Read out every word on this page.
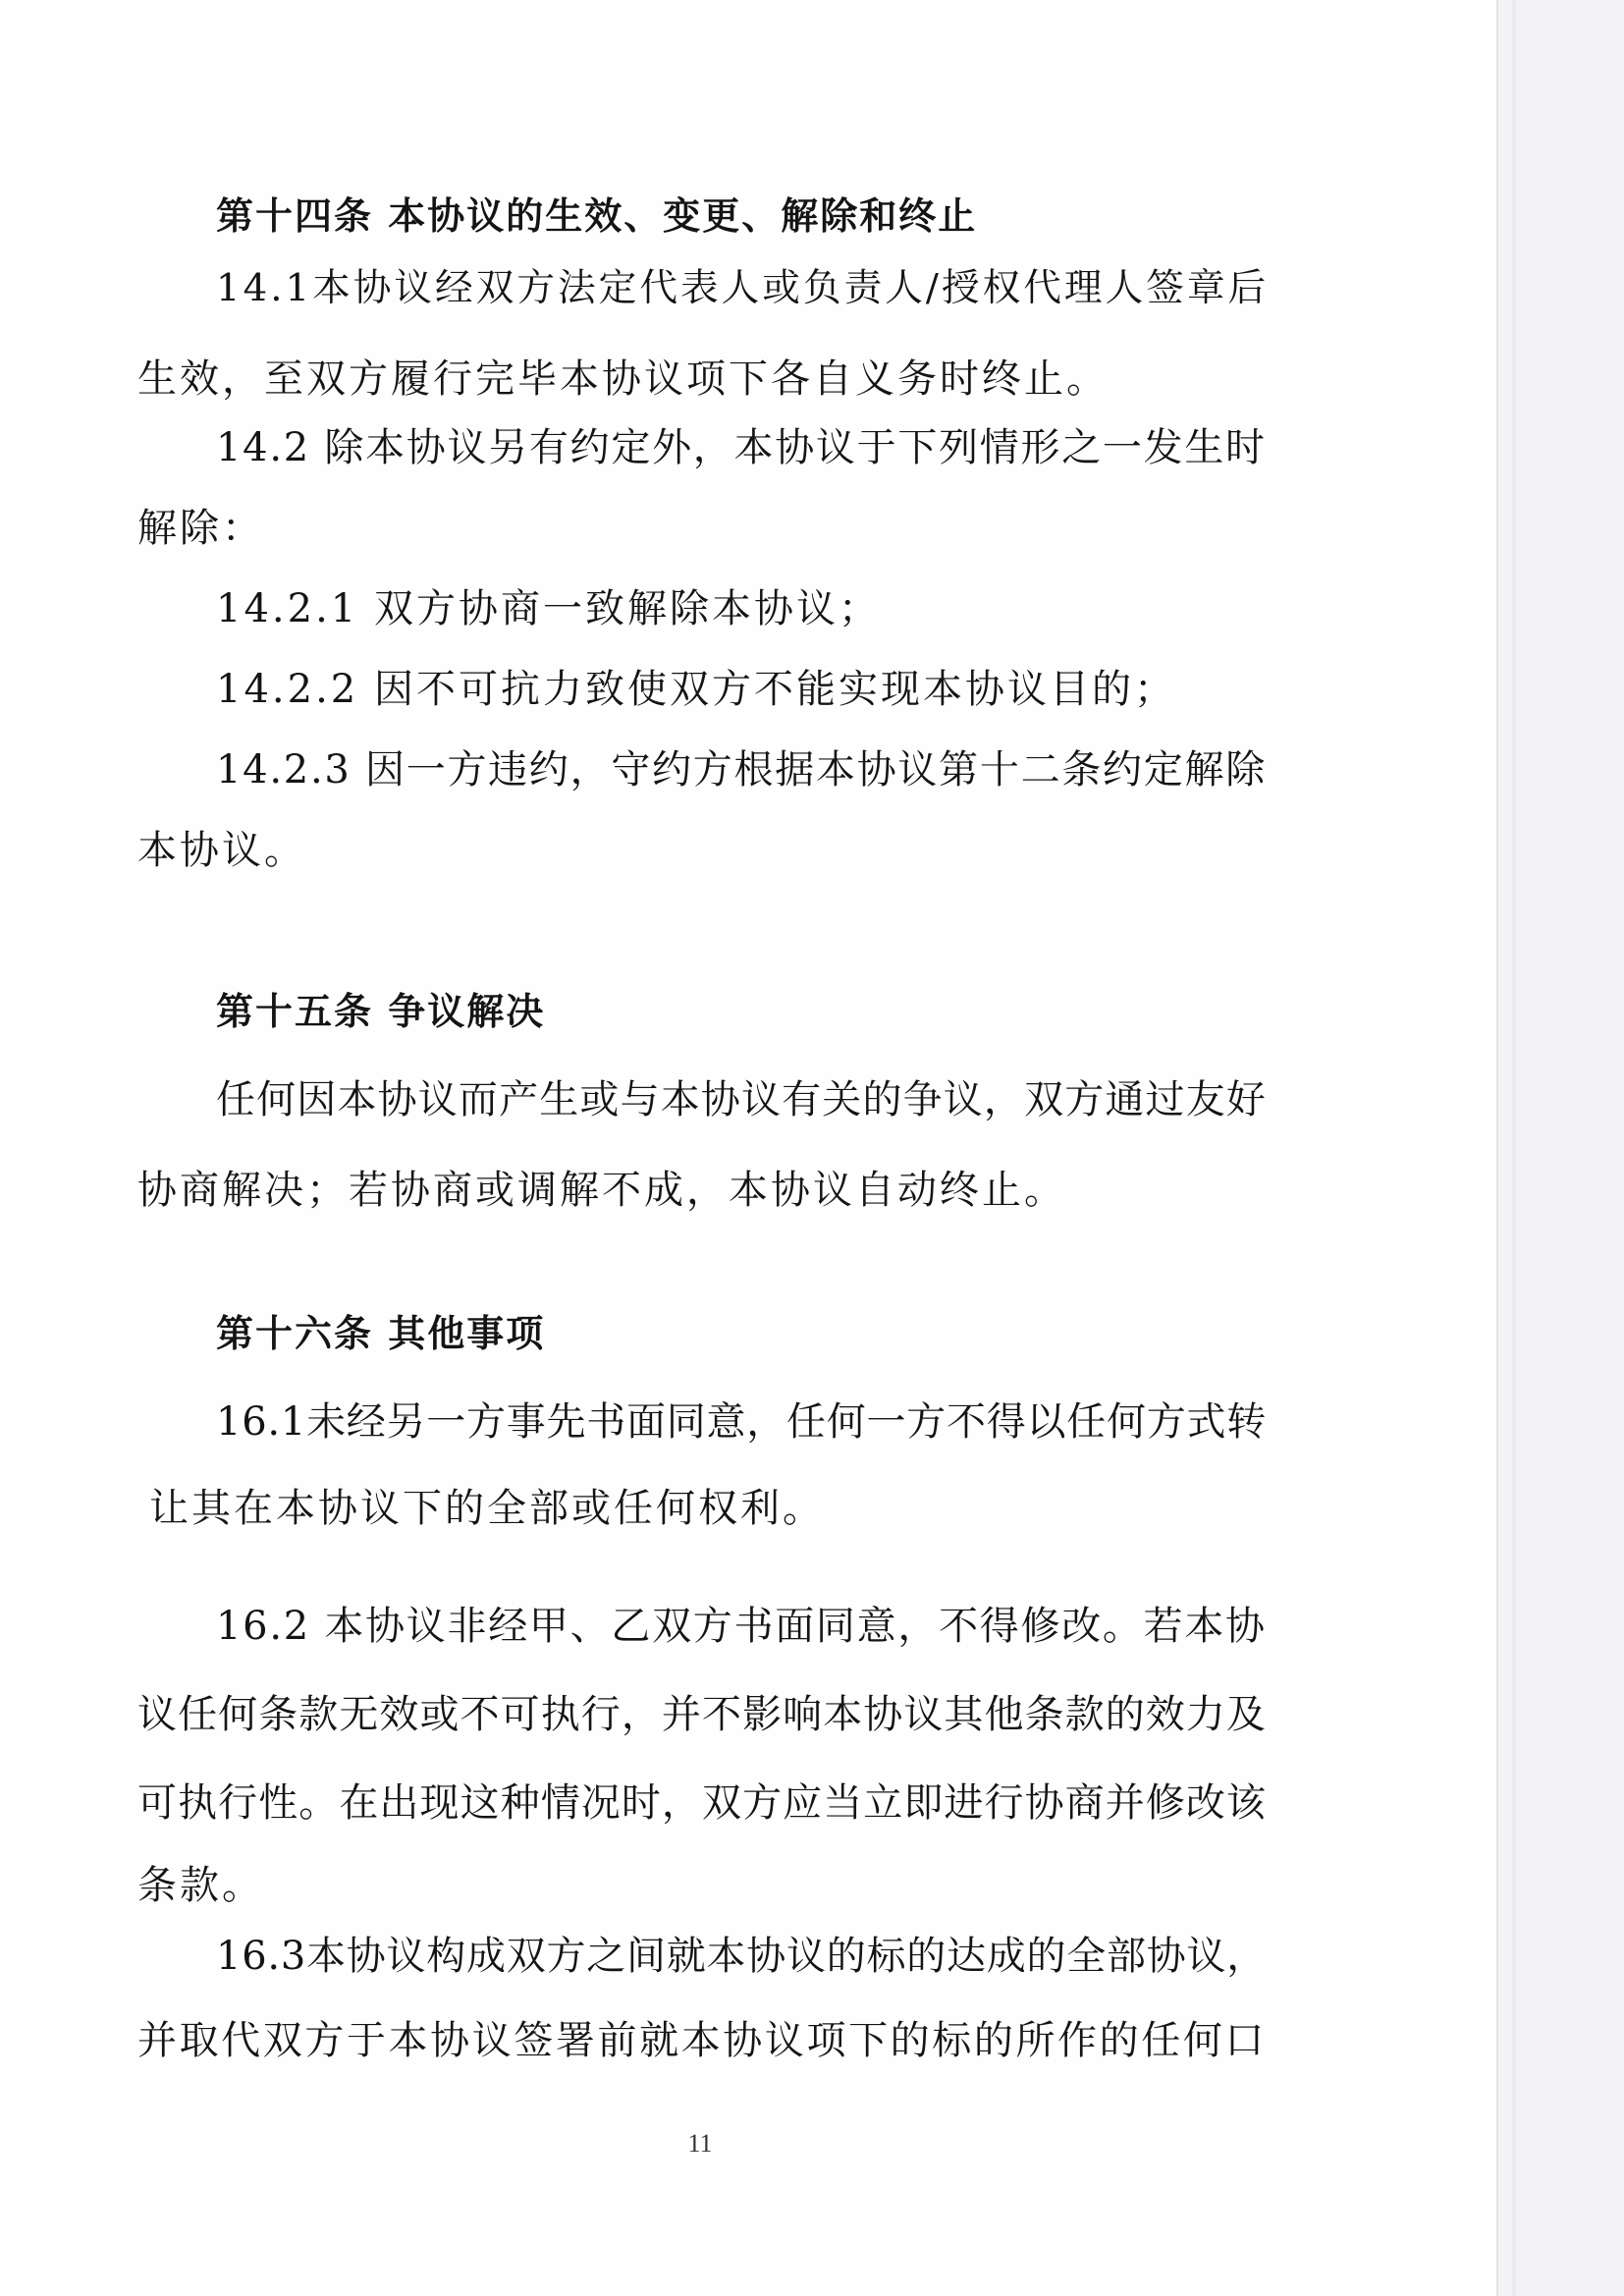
第十四条 本协议的生效、变更、解除和终止
14.1本协议经双方法定代表人或负责人/授权代理人签章后
生效，至双方履行完毕本协议项下各自义务时终止。
14.2 除本协议另有约定外，本协议于下列情形之一发生时
解除：
14.2.1 双方协商一致解除本协议；
14.2.2 因不可抗力致使双方不能实现本协议目的；
14.2.3 因一方违约，守约方根据本协议第十二条约定解除
本协议。
第十五条 争议解决
任何因本协议而产生或与本协议有关的争议，双方通过友好
协商解决；若协商或调解不成，本协议自动终止。
第十六条 其他事项
16.1未经另一方事先书面同意，任何一方不得以任何方式转
让其在本协议下的全部或任何权利。
16.2 本协议非经甲、乙双方书面同意，不得修改。若本协
议任何条款无效或不可执行，并不影响本协议其他条款的效力及
可执行性。在出现这种情况时，双方应当立即进行协商并修改该
条款。
16.3本协议构成双方之间就本协议的标的达成的全部协议，
并取代双方于本协议签署前就本协议项下的标的所作的任何口
11
